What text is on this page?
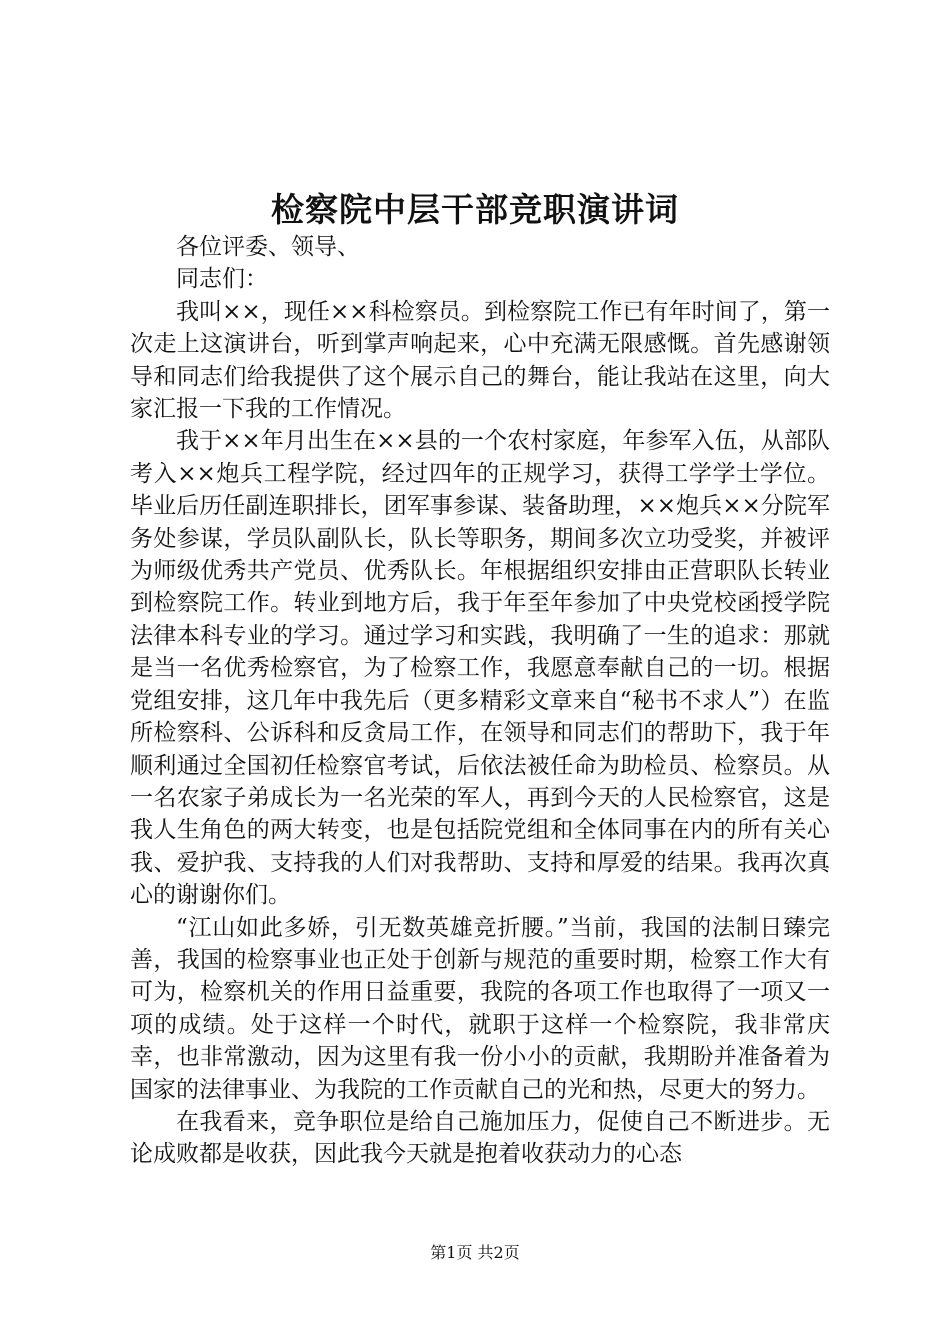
检察院中层干部竞职演讲词

各位评委、领导、

同志们：

我叫××，现任××科检察员。到检察院工作已有年时间了，第一次走上这演讲台，听到掌声响起来，心中充满无限感慨。首先感谢领导和同志们给我提供了这个展示自己的舞台，能让我站在这里，向大家汇报一下我的工作情况。

我于××年月出生在××县的一个农村家庭，年参军入伍，从部队考入××炮兵工程学院，经过四年的正规学习，获得工学学士学位。毕业后历任副连职排长，团军事参谋、装备助理，××炮兵××分院军务处参谋，学员队副队长，队长等职务，期间多次立功受奖，并被评为师级优秀共产党员、优秀队长。年根据组织安排由正营职队长转业到检察院工作。转业到地方后，我于年至年参加了中央党校函授学院法律本科专业的学习。通过学习和实践，我明确了一生的追求：那就是当一名优秀检察官，为了检察工作，我愿意奉献自己的一切。根据党组安排，这几年中我先后（更多精彩文章来自“秘书不求人”）在监所检察科、公诉科和反贪局工作，在领导和同志们的帮助下，我于年顺利通过全国初任检察官考试，后依法被任命为助检员、检察员。从一名农家子弟成长为一名光荣的军人，再到今天的人民检察官，这是我人生角色的两大转变，也是包括院党组和全体同事在内的所有关心我、爱护我、支持我的人们对我帮助、支持和厚爱的结果。我再次真心的谢谢你们。

“江山如此多娇，引无数英雄竞折腰。”当前，我国的法制日臻完善，我国的检察事业也正处于创新与规范的重要时期，检察工作大有可为，检察机关的作用日益重要，我院的各项工作也取得了一项又一项的成绩。处于这样一个时代，就职于这样一个检察院，我非常庆幸，也非常激动，因为这里有我一份小小的贡献，我期盼并准备着为国家的法律事业、为我院的工作贡献自己的光和热，尽更大的努力。

在我看来，竞争职位是给自己施加压力，促使自己不断进步。无论成败都是收获，因此我今天就是抱着收获动力的心态

第1页 共2页
